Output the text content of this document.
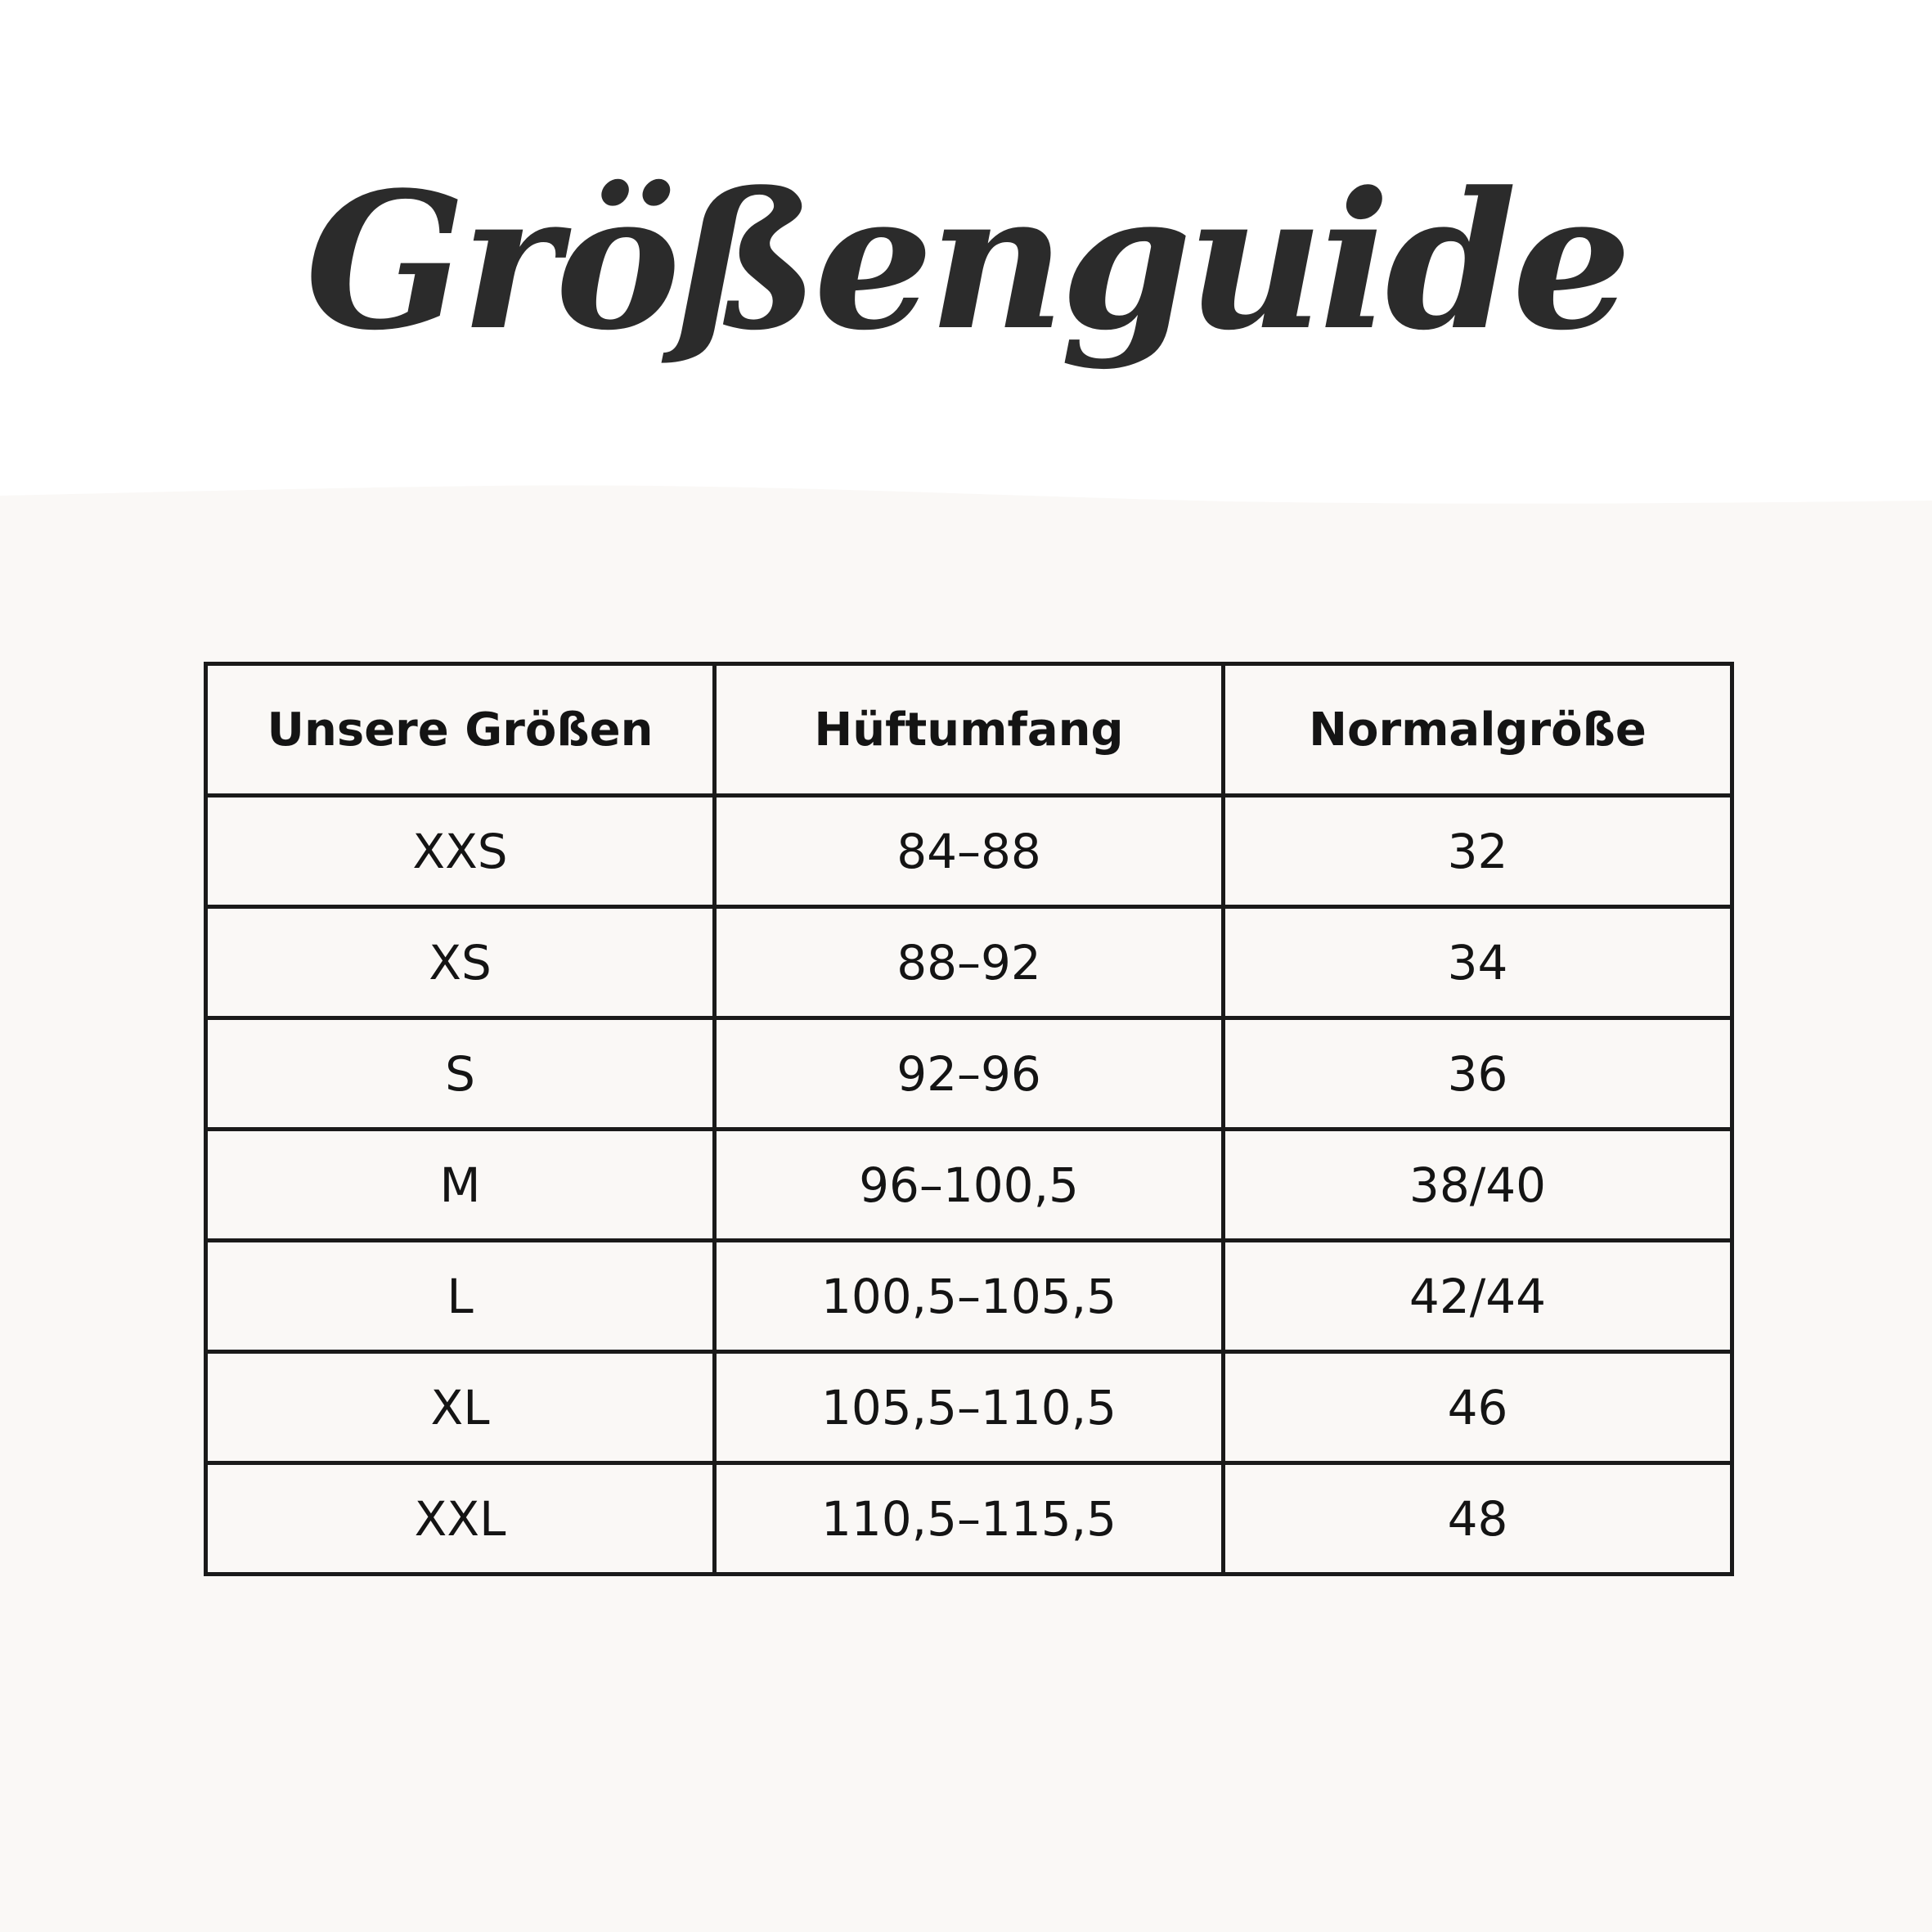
Größenguide
Unsere Größen	Hüftumfang	Normalgröße
XXS	84–88	32
XS	88–92	34
S	92–96	36
M	96–100,5	38/40
L	100,5–105,5	42/44
XL	105,5–110,5	46
XXL	110,5–115,5	48
